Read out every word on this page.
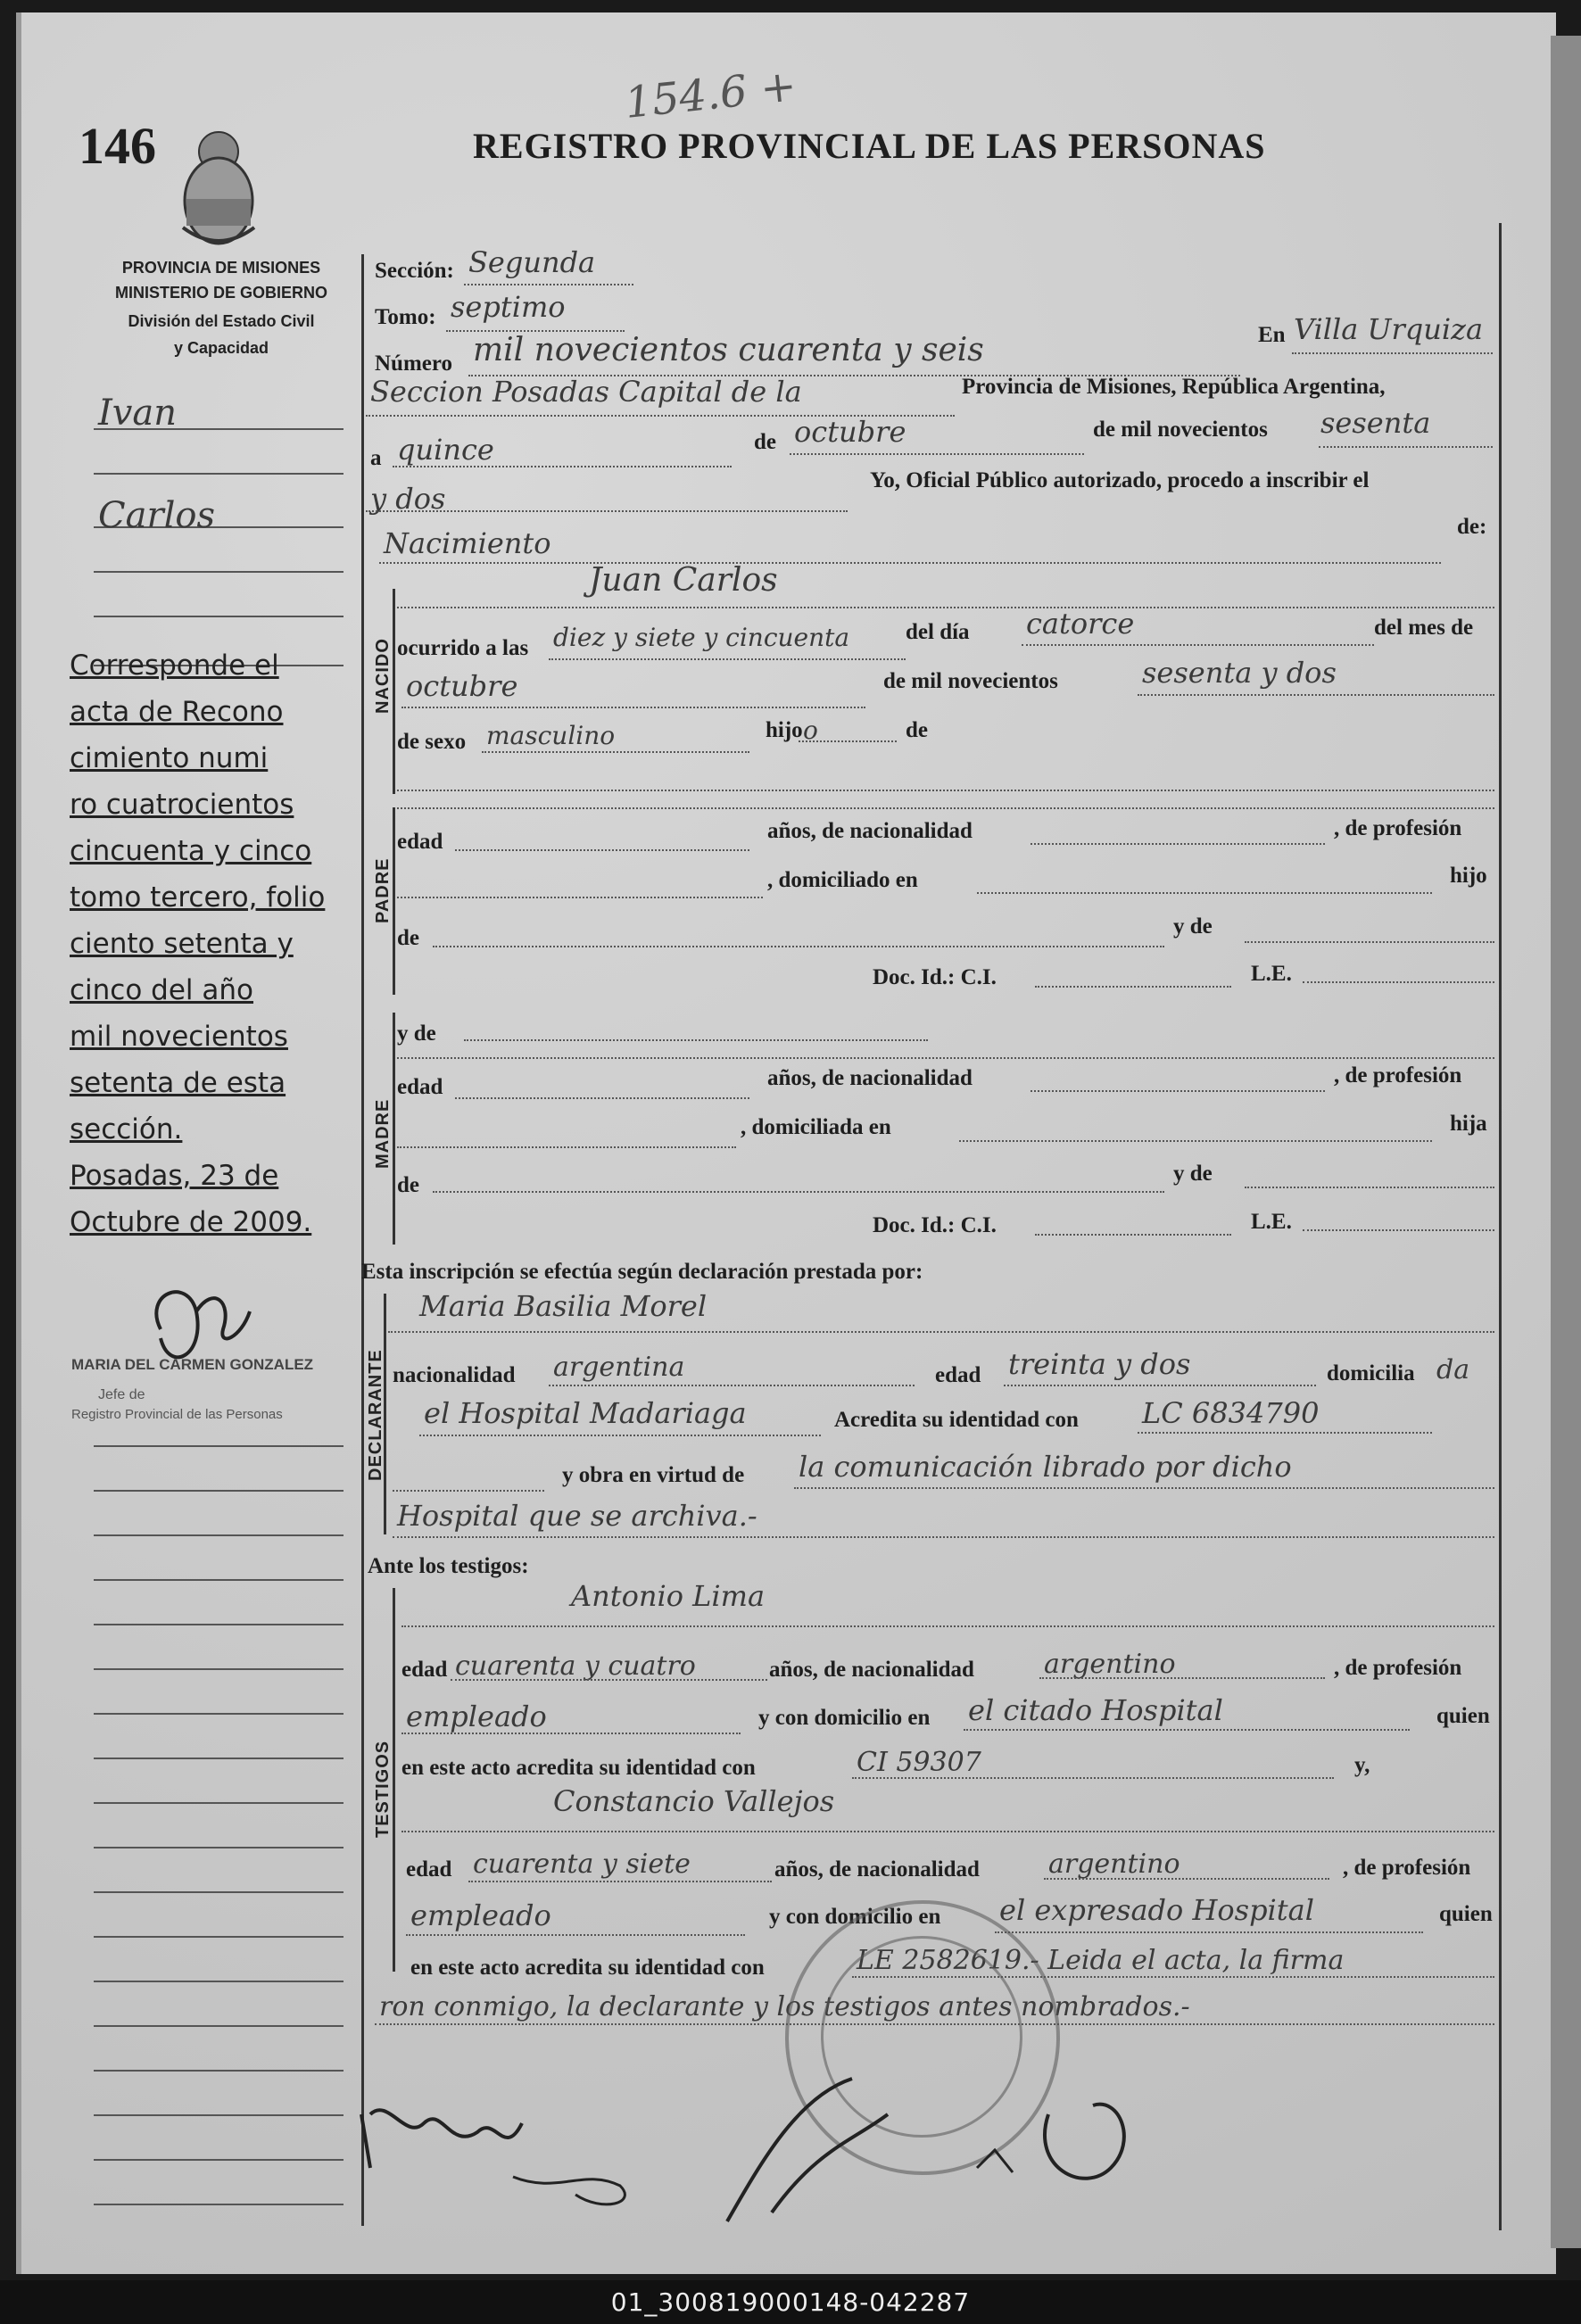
146
154.6 +
REGISTRO PROVINCIAL DE LAS PERSONAS
PROVINCIA DE MISIONES
MINISTERIO DE GOBIERNO
División del Estado Civil
y Capacidad
Ivan
Carlos
Corresponde el
acta de Recono
cimiento numi
ro cuatrocientos
cincuenta y cinco
tomo tercero, folio
ciento setenta y
cinco del año
mil novecientos
setenta de esta
sección.
Posadas, 23 de
Octubre de 2009.
MARIA DEL CARMEN GONZALEZ
Jefe de
Registro Provincial de las Personas
Sección: Segunda
Tomo: septimo
Número mil novecientos cuarenta y seis	En Villa Urquiza
Seccion Posadas Capital de la	Provincia de Misiones, República Argentina,
a quince	de octubre	de mil novecientos sesenta
y dos
Yo, Oficial Público autorizado, procedo a inscribir el
Nacimiento	de:
NACIDO
Juan Carlos
ocurrido a las diez y siete y cincuenta	del día catorce	del mes de
octubre	de mil novecientos	sesenta y dos
de sexo masculino	hijo o	de
PADRE
edad	años, de nacionalidad	, de profesión
, domiciliado en	hijo
de	y de
Doc. Id.: C.I.	L.E.
MADRE
y de
edad	años, de nacionalidad	, de profesión
, domiciliada en	hija
de	y de
Doc. Id.: C.I.	L.E.
Esta inscripción se efectúa según declaración prestada por:
DECLARANTE
Maria Basilia Morel
nacionalidad argentina	edad treinta y dos	domicilia da
el Hospital Madariaga	Acredita su identidad con LC 6834790
y obra en virtud de la comunicación librado por dicho
Hospital que se archiva.-
Ante los testigos:
TESTIGOS
Antonio Lima
edad cuarenta y cuatro	años, de nacionalidad	argentino	, de profesión
empleado	y con domicilio en el citado Hospital	quien
en este acto acredita su identidad con	CI 59307	y,
Constancio Vallejos
edad cuarenta y siete	años, de nacionalidad	argentino	, de profesión
empleado	y con domicilio en el expresado Hospital	quien
en este acto acredita su identidad con	LE 2582619.- Leida el acta, la firma
ron conmigo, la declarante y los testigos antes nombrados.-
01_300819000148-042287
